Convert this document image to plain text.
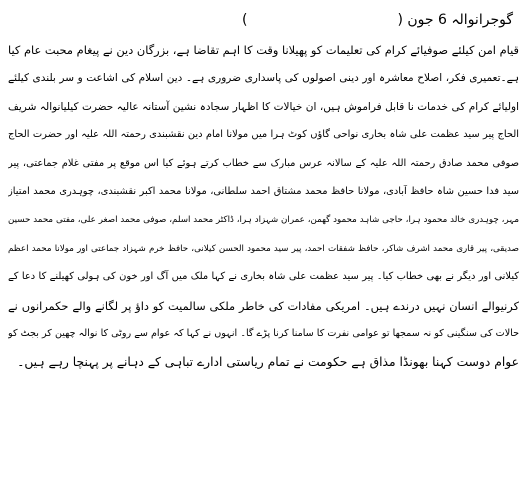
گوجرانوالہ 6 جون ()
قیام امن کیلئے صوفیائے کرام کی تعلیمات کو پھیلانا وقت کا اہم تقاضا ہے، بزرگان دین نے پیغام محبت عام کیا
ہے۔تعمیری فکر، اصلاح معاشرہ اور دینی اصولوں کی پاسداری ضروری ہے۔ دین اسلام کی اشاعت و سر بلندی کیلئے
اولیائے کرام کی خدمات نا قابل فراموش ہیں، ان خیالات کا اظہار سجادہ نشین آستانہ عالیہ حضرت کیلیانوالہ شریف
الحاج پیر سید عظمت علی شاہ بخاری نواحی گاؤں کوٹ ہرا میں مولانا امام دین نقشبندی رحمتہ اللہ علیہ اور حضرت الحاج
صوفی محمد صادق رحمتہ اللہ علیہ کے سالانہ عرس مبارک سے خطاب کرتے ہوئے کیا اس موقع پر مفتی غلام جماعتی، پیر
سید فدا حسین شاہ حافظ آبادی، مولانا حافظ محمد مشتاق احمد سلطانی، مولانا محمد اکبر نقشبندی، چوہدری محمد امتیاز
مہر، چوہدری خالد محمود ہرا، حاجی شاہد محمود گھمن، عمران شہزاد ہرا، ڈاکٹر محمد اسلم، صوفی محمد اصغر علی، مفتی محمد حسین
صدیقی، پیر قاری محمد اشرف شاکر، حافظ شفقات احمد، پیر سید محمود الحسن کیلانی، حافظ خرم شہزاد جماعتی اور مولانا محمد اعظم
کیلانی اور دیگر نے بھی خطاب کیا۔ پیر سید عظمت علی شاہ بخاری نے کہا ملک میں آگ اور خون کی ہولی کھیلنے کا دعا کے
کرنیوالے انسان نہیں درندے ہیں۔ امریکی مفادات کی خاطر ملکی سالمیت کو داؤ پر لگانے والے حکمرانوں نے
حالات کی سنگینی کو نہ سمجھا تو عوامی نفرت کا سامنا کرنا پڑے گا۔ انہوں نے کہا کہ عوام سے روٹی کا نوالہ چھین کر بجٹ کو
عوام دوست کہنا بھونڈا مذاق ہے حکومت نے تمام ریاستی ادارے تباہی کے دہانے پر پہنچا رہے ہیں۔
